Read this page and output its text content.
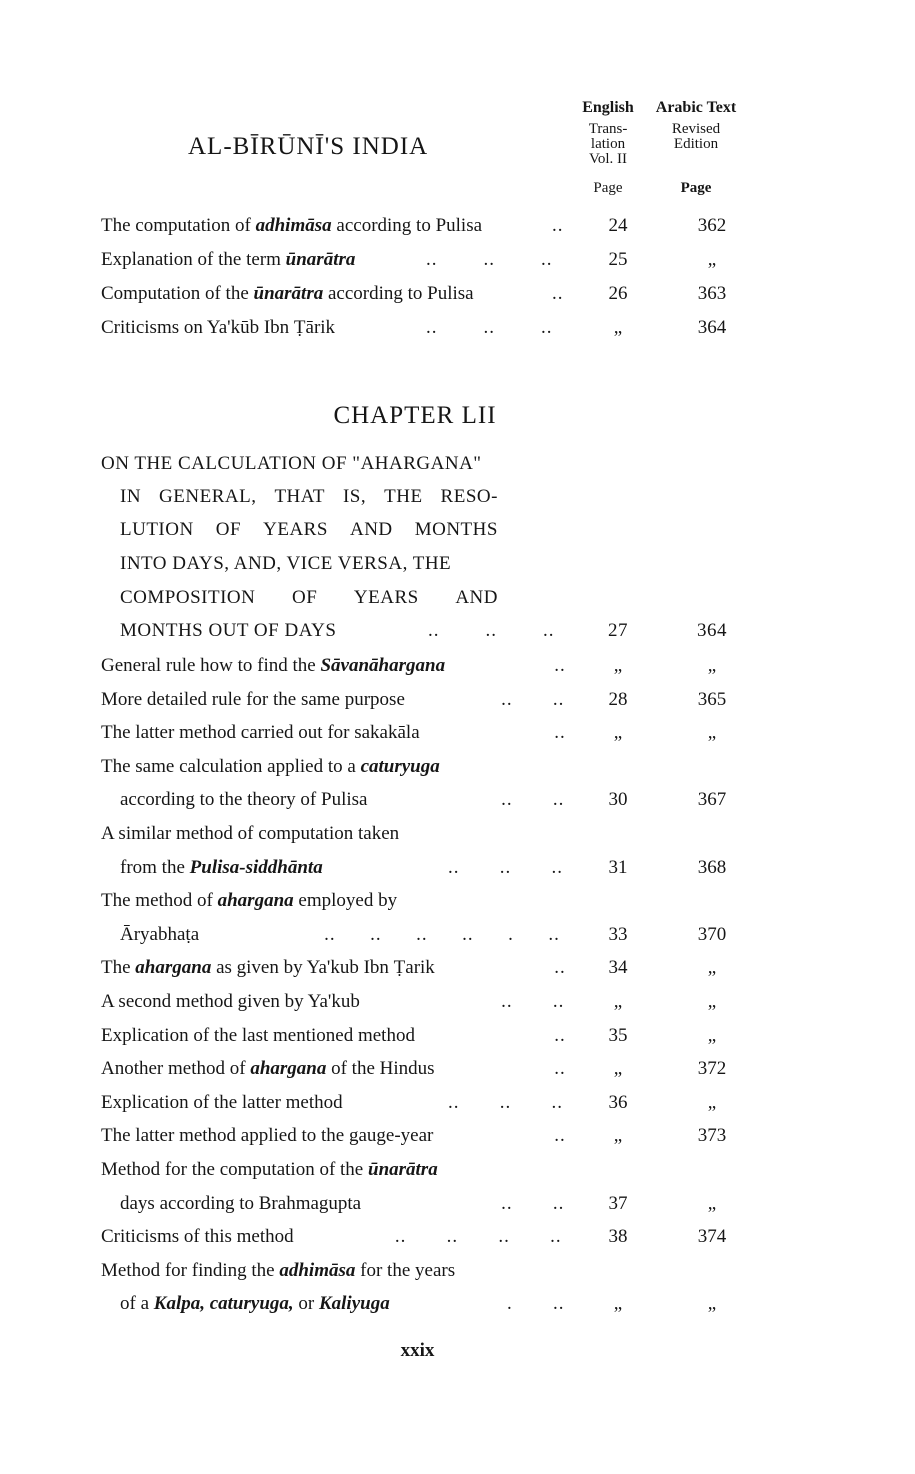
AL-BĪRŪNĪ'S INDIA
English
Trans-
lation
Vol. II
Page
Arabic Text
Revised
Edition
Page
The computation of adhimāsa according to Pulisa	..	24	362
Explanation of the term ūnarātra	..        ..        ..	25	„
Computation of the ūnarātra according to Pulisa	..	26	363
Criticisms on Ya'kūb Ibn Ṭārik	..        ..        ..	„	364
CHAPTER LII
ON THE CALCULATION OF "AHARGANA"
IN GENERAL, THAT IS, THE RESO-
LUTION OF YEARS AND MONTHS
INTO DAYS, AND, VICE VERSA, THE
COMPOSITION OF YEARS AND
MONTHS OUT OF DAYS	..        ..        ..	27	364
General rule how to find the Sāvanāhargana	..	„	„
More detailed rule for the same purpose	..       ..	28	365
The latter method carried out for sakakāla	..	„	„
The same calculation applied to a caturyuga
according to the theory of Pulisa	..       ..	30	367
A similar method of computation taken
from the Pulisa-siddhānta	..       ..       ..	31	368
The method of ahargana employed by
Āryabhaṭa	..      ..      ..      ..      .      ..	33	370
The ahargana as given by Ya'kub Ibn Ṭarik	..	34	„
A second method given by Ya'kub	..       ..	„	„
Explication of the last mentioned method	..	35	„
Another method of ahargana of the Hindus	..	„	372
Explication of the latter method	..       ..       ..	36	„
The latter method applied to the gauge-year	..	„	373
Method for the computation of the ūnarātra
days according to Brahmagupta	..       ..	37	„
Criticisms of this method	..       ..       ..       ..	38	374
Method for finding the adhimāsa for the years
of a Kalpa, caturyuga, or Kaliyuga	.       ..	„	„
xxix
